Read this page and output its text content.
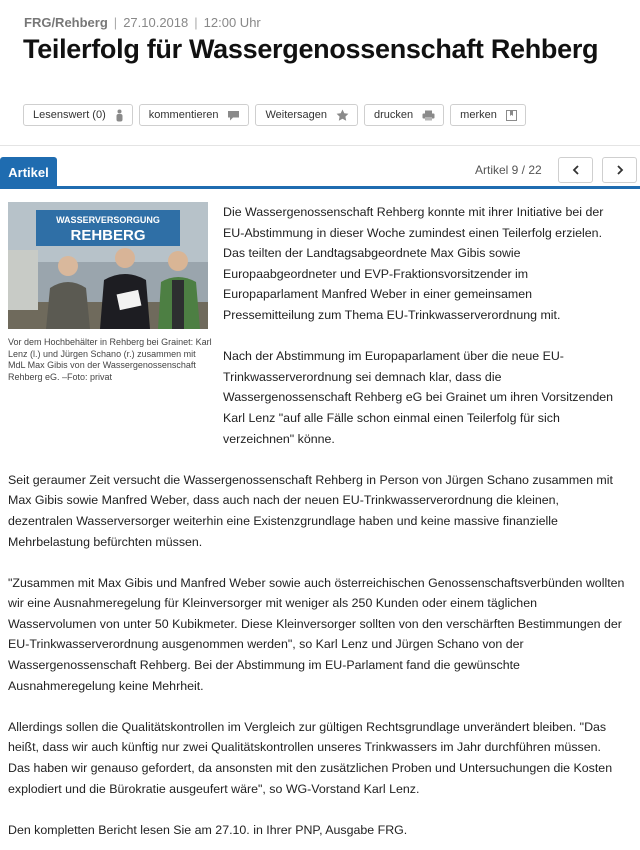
FRG/Rehberg | 27.10.2018 | 12:00 Uhr
Teilerfolg für Wassergenossenschaft Rehberg
Lesenswert (0)	kommentieren	Weitersagen	drucken	merken
Artikel	Artikel 9 / 22

Die Wassergenossenschaft Rehberg konnte mit ihrer Initiative bei der EU-Abstimmung in dieser Woche zumindest einen Teilerfolg erzielen. Das teilten der Landtagsabgeordnete Max Gibis sowie Europaabgeordneter und EVP-Fraktionsvorsitzender im Europaparlament Manfred Weber in einer gemeinsamen Pressemitteilung zum Thema EU-Trinkwasserverordnung mit.

Nach der Abstimmung im Europaparlament über die neue EU-Trinkwasserverordnung sei demnach klar, dass die Wassergenossenschaft Rehberg eG bei Grainet um ihren Vorsitzenden Karl Lenz "auf alle Fälle schon einmal einen Teilerfolg für sich verzeichnen" könne.

Seit geraumer Zeit versucht die Wassergenossenschaft Rehberg in Person von Jürgen Schano zusammen mit Max Gibis sowie Manfred Weber, dass auch nach der neuen EU-Trinkwasserverordnung die kleinen, dezentralen Wasserversorger weiterhin eine Existenzgrundlage haben und keine massive finanzielle Mehrbelastung befürchten müssen.

"Zusammen mit Max Gibis und Manfred Weber sowie auch österreichischen Genossenschaftsverbünden wollten wir eine Ausnahmeregelung für Kleinversorger mit weniger als 250 Kunden oder einem täglichen Wasservolumen von unter 50 Kubikmeter. Diese Kleinversorger sollten von den verschärften Bestimmungen der EU-Trinkwasserverordnung ausgenommen werden", so Karl Lenz und Jürgen Schano von der Wassergenossenschaft Rehberg. Bei der Abstimmung im EU-Parlament fand die gewünschte Ausnahmeregelung keine Mehrheit.

Allerdings sollen die Qualitätskontrollen im Vergleich zur gültigen Rechtsgrundlage unverändert bleiben. "Das heißt, dass wir auch künftig nur zwei Qualitätskontrollen unseres Trinkwassers im Jahr durchführen müssen. Das haben wir genauso gefordert, da ansonsten mit den zusätzlichen Proben und Untersuchungen die Kosten explodiert und die Bürokratie ausgeufert wäre", so WG-Vorstand Karl Lenz.

Den kompletten Bericht lesen Sie am 27.10. in Ihrer PNP, Ausgabe FRG.

WASSERVERSORGUNG
REHBERG
Vor dem Hochbehälter in Rehberg bei Grainet: Karl Lenz (l.) und Jürgen Schano (r.) zusammen mit MdL Max Gibis von der Wassergenossenschaft Rehberg eG. –Foto: privat
